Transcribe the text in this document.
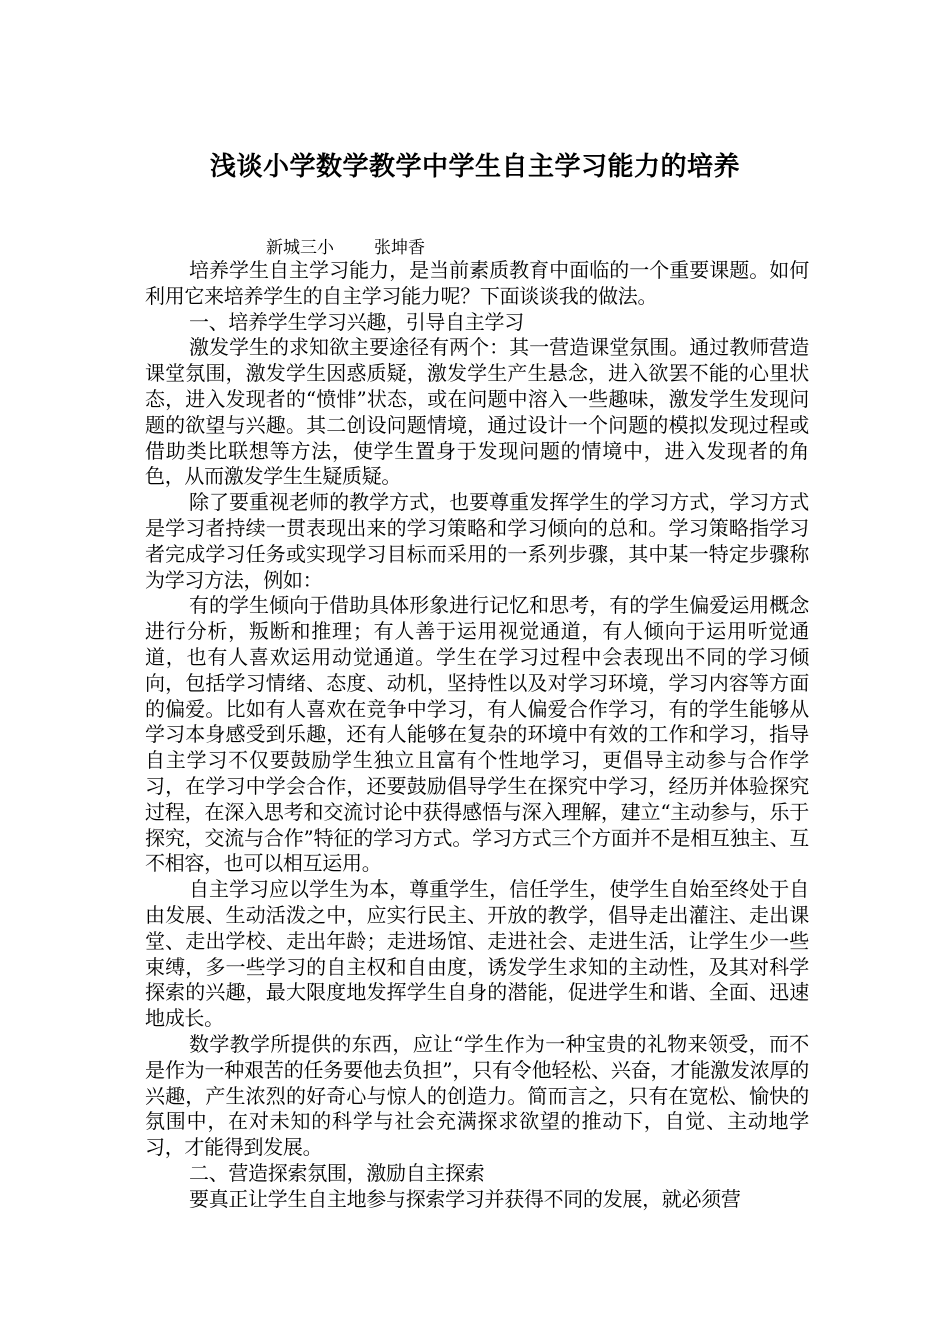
浅谈小学数学教学中学生自主学习能力的培养
新城三小 张坤香

培养学生自主学习能力，是当前素质教育中面临的一个重要课题。如何利用它来培养学生的自主学习能力呢？下面谈谈我的做法。

一、培养学生学习兴趣，引导自主学习

激发学生的求知欲主要途径有两个：其一营造课堂氛围。通过教师营造课堂氛围，激发学生因惑质疑，激发学生产生悬念，进入欲罢不能的心里状态，进入发现者的“愤悱”状态，或在问题中溶入一些趣味，激发学生发现问题的欲望与兴趣。其二创设问题情境，通过设计一个问题的模拟发现过程或借助类比联想等方法，使学生置身于发现问题的情境中，进入发现者的角色，从而激发学生生疑质疑。

除了要重视老师的教学方式，也要尊重发挥学生的学习方式，学习方式是学习者持续一贯表现出来的学习策略和学习倾向的总和。学习策略指学习者完成学习任务或实现学习目标而采用的一系列步骤，其中某一特定步骤称为学习方法，例如：

有的学生倾向于借助具体形象进行记忆和思考，有的学生偏爱运用概念进行分析，叛断和推理；有人善于运用视觉通道，有人倾向于运用听觉通道，也有人喜欢运用动觉通道。学生在学习过程中会表现出不同的学习倾向，包括学习情绪、态度、动机，坚持性以及对学习环境，学习内容等方面的偏爱。比如有人喜欢在竞争中学习，有人偏爱合作学习，有的学生能够从学习本身感受到乐趣，还有人能够在复杂的环境中有效的工作和学习，指导自主学习不仅要鼓励学生独立且富有个性地学习，更倡导主动参与合作学习，在学习中学会合作，还要鼓励倡导学生在探究中学习，经历并体验探究过程，在深入思考和交流讨论中获得感悟与深入理解，建立“主动参与，乐于探究，交流与合作”特征的学习方式。学习方式三个方面并不是相互独主、互不相容，也可以相互运用。

自主学习应以学生为本，尊重学生，信任学生，使学生自始至终处于自由发展、生动活泼之中，应实行民主、开放的教学，倡导走出灌注、走出课堂、走出学校、走出年龄；走进场馆、走进社会、走进生活，让学生少一些束缚，多一些学习的自主权和自由度，诱发学生求知的主动性，及其对科学探索的兴趣，最大限度地发挥学生自身的潜能，促进学生和谐、全面、迅速地成长。

数学教学所提供的东西，应让“学生作为一种宝贵的礼物来领受，而不是作为一种艰苦的任务要他去负担”，只有令他轻松、兴奋，才能激发浓厚的兴趣，产生浓烈的好奇心与惊人的创造力。简而言之，只有在宽松、愉快的氛围中，在对未知的科学与社会充满探求欲望的推动下，自觉、主动地学习，才能得到发展。

二、营造探索氛围，激励自主探索

要真正让学生自主地参与探索学习并获得不同的发展，就必须营
